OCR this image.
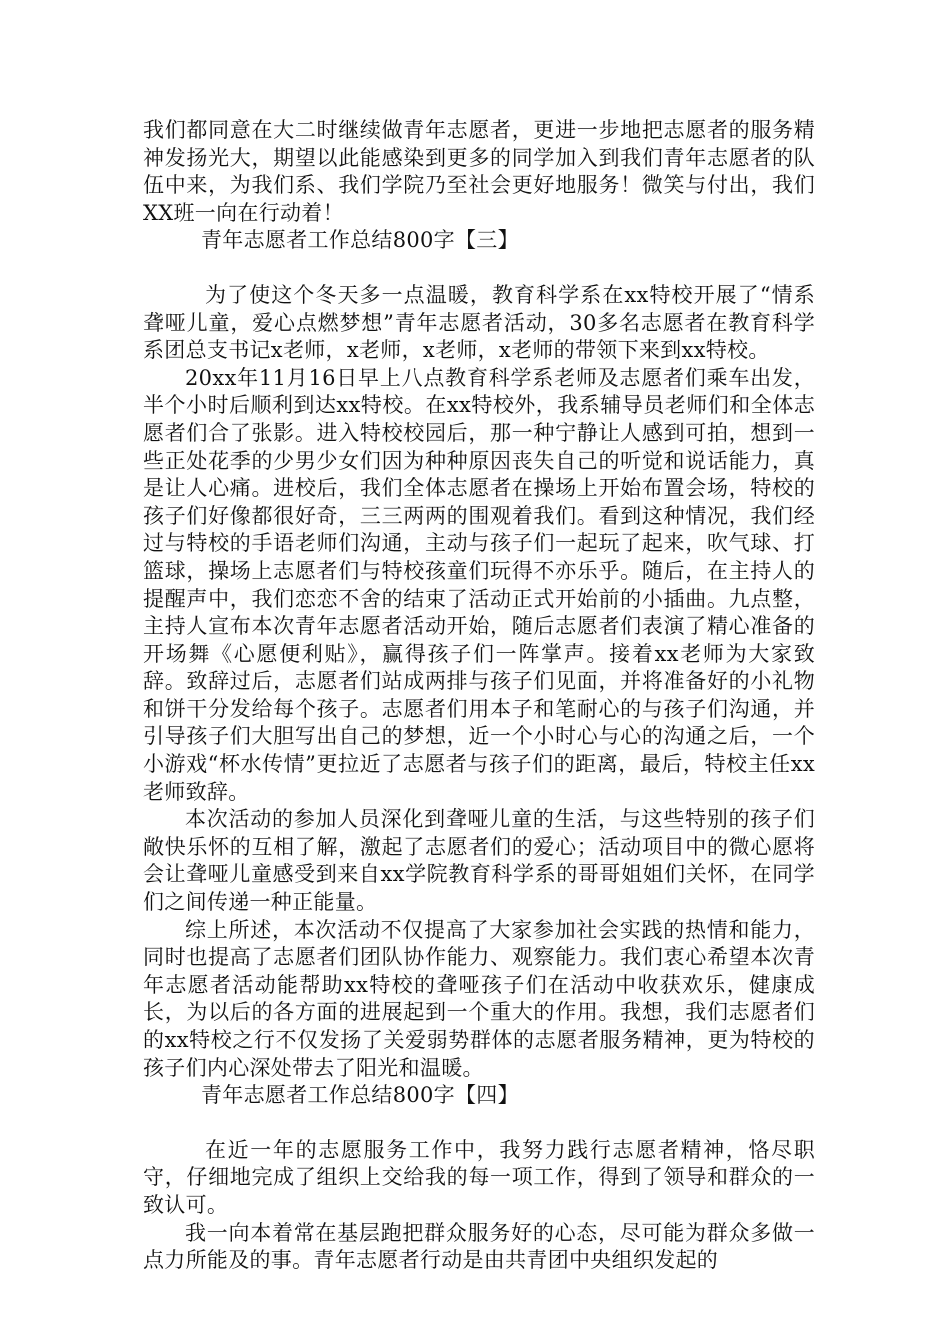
我们都同意在大二时继续做青年志愿者，更进一步地把志愿者的服务精神发扬光大，期望以此能感染到更多的同学加入到我们青年志愿者的队伍中来，为我们系、我们学院乃至社会更好地服务！微笑与付出，我们XX班一向在行动着！

青年志愿者工作总结800字【三】

为了使这个冬天多一点温暖，教育科学系在xx特校开展了“情系聋哑儿童，爱心点燃梦想”青年志愿者活动，30多名志愿者在教育科学系团总支书记x老师，x老师，x老师，x老师的带领下来到xx特校。

20xx年11月16日早上八点教育科学系老师及志愿者们乘车出发，半个小时后顺利到达xx特校。在xx特校外，我系辅导员老师们和全体志愿者们合了张影。进入特校校园后，那一种宁静让人感到可拍，想到一些正处花季的少男少女们因为种种原因丧失自己的听觉和说话能力，真是让人心痛。进校后，我们全体志愿者在操场上开始布置会场，特校的孩子们好像都很好奇，三三两两的围观着我们。看到这种情况，我们经过与特校的手语老师们沟通，主动与孩子们一起玩了起来，吹气球、打篮球，操场上志愿者们与特校孩童们玩得不亦乐乎。随后，在主持人的提醒声中，我们恋恋不舍的结束了活动正式开始前的小插曲。九点整，主持人宣布本次青年志愿者活动开始，随后志愿者们表演了精心准备的开场舞《心愿便利贴》，赢得孩子们一阵掌声。接着xx老师为大家致辞。致辞过后，志愿者们站成两排与孩子们见面，并将准备好的小礼物和饼干分发给每个孩子。志愿者们用本子和笔耐心的与孩子们沟通，并引导孩子们大胆写出自己的梦想，近一个小时心与心的沟通之后，一个小游戏“杯水传情”更拉近了志愿者与孩子们的距离，最后，特校主任xx老师致辞。

本次活动的参加人员深化到聋哑儿童的生活，与这些特别的孩子们敞快乐怀的互相了解，激起了志愿者们的爱心；活动项目中的微心愿将会让聋哑儿童感受到来自xx学院教育科学系的哥哥姐姐们关怀，在同学们之间传递一种正能量。

综上所述，本次活动不仅提高了大家参加社会实践的热情和能力，同时也提高了志愿者们团队协作能力、观察能力。我们衷心希望本次青年志愿者活动能帮助xx特校的聋哑孩子们在活动中收获欢乐，健康成长，为以后的各方面的进展起到一个重大的作用。我想，我们志愿者们的xx特校之行不仅发扬了关爱弱势群体的志愿者服务精神，更为特校的孩子们内心深处带去了阳光和温暖。

青年志愿者工作总结800字【四】

在近一年的志愿服务工作中，我努力践行志愿者精神，恪尽职守，仔细地完成了组织上交给我的每一项工作，得到了领导和群众的一致认可。

我一向本着常在基层跑把群众服务好的心态，尽可能为群众多做一点力所能及的事。青年志愿者行动是由共青团中央组织发起的
